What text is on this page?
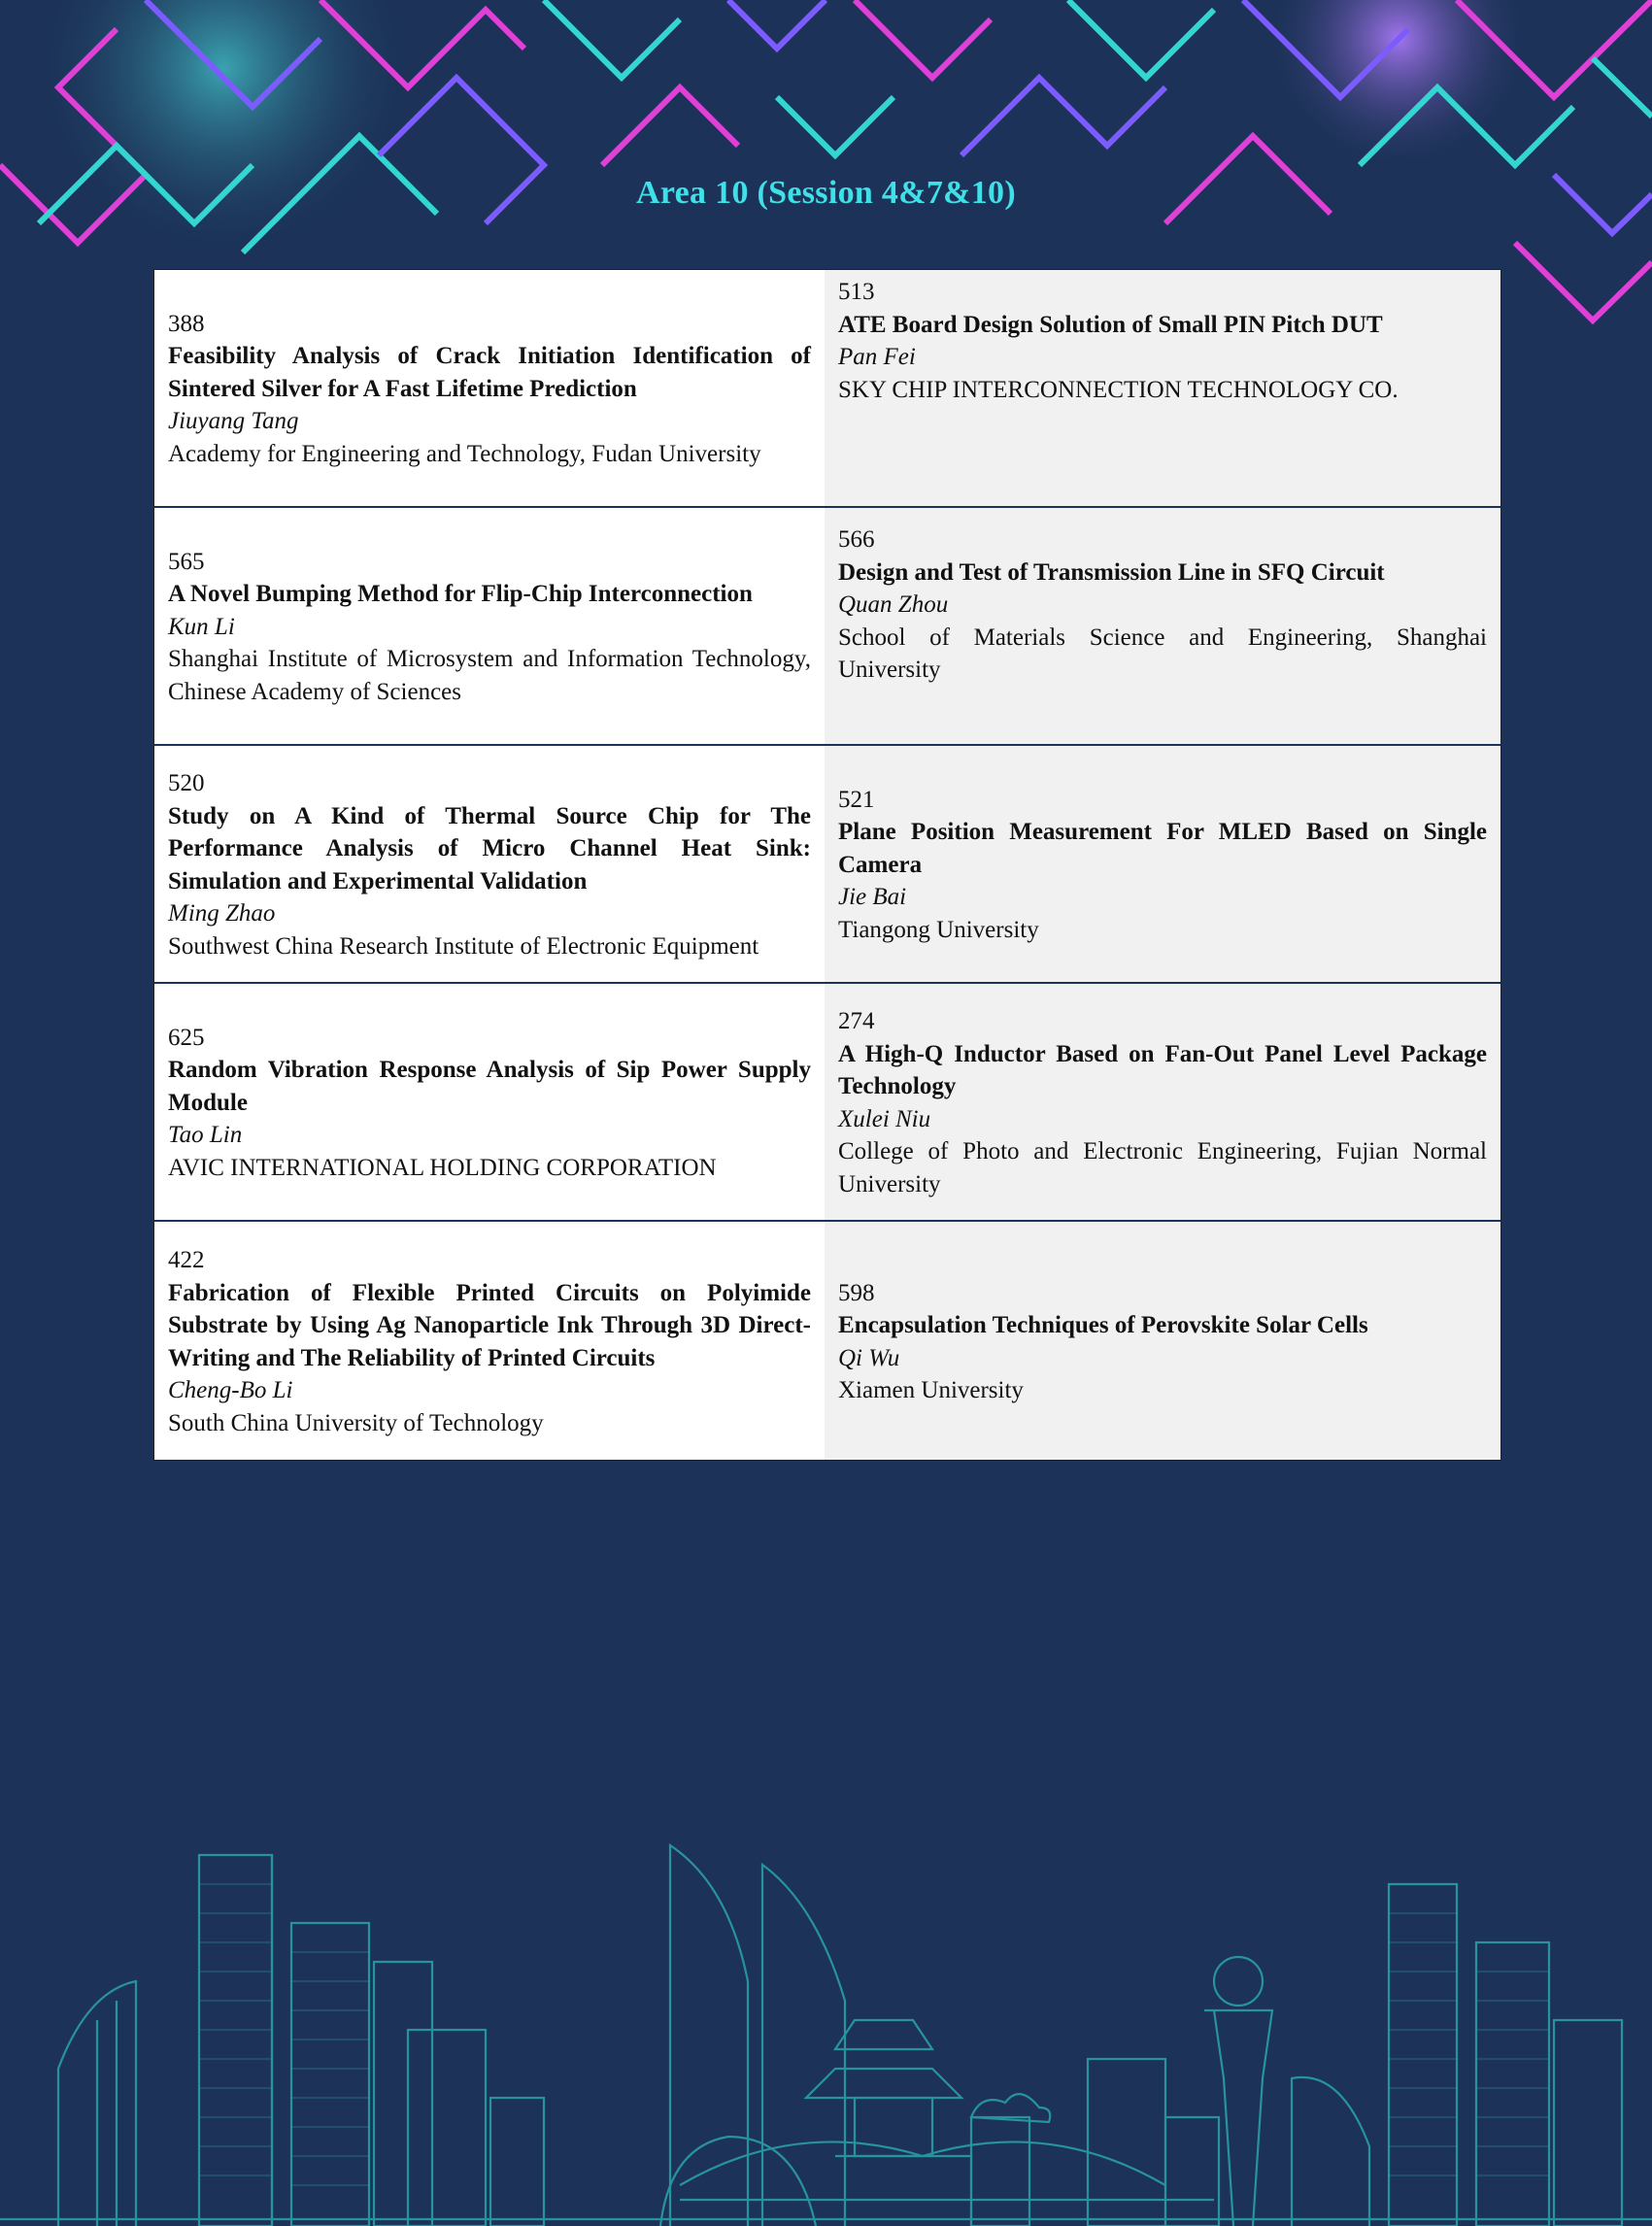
Area 10 (Session 4&7&10)
388
Feasibility Analysis of Crack Initiation Identification of Sintered Silver for A Fast Lifetime Prediction
Jiuyang Tang
Academy for Engineering and Technology, Fudan University
513
ATE Board Design Solution of Small PIN Pitch DUT
Pan Fei
SKY CHIP INTERCONNECTION TECHNOLOGY CO.
565
A Novel Bumping Method for Flip-Chip Interconnection
Kun Li
Shanghai Institute of Microsystem and Information Technology, Chinese Academy of Sciences
566
Design and Test of Transmission Line in SFQ Circuit
Quan Zhou
School of Materials Science and Engineering, Shanghai University
520
Study on A Kind of Thermal Source Chip for The Performance Analysis of Micro Channel Heat Sink: Simulation and Experimental Validation
Ming Zhao
Southwest China Research Institute of Electronic Equipment
521
Plane Position Measurement For MLED Based on Single Camera
Jie Bai
Tiangong University
625
Random Vibration Response Analysis of Sip Power Supply Module
Tao Lin
AVIC INTERNATIONAL HOLDING CORPORATION
274
A High-Q Inductor Based on Fan-Out Panel Level Package Technology
Xulei Niu
College of Photo and Electronic Engineering, Fujian Normal University
422
Fabrication of Flexible Printed Circuits on Polyimide Substrate by Using Ag Nanoparticle Ink Through 3D Direct-Writing and The Reliability of Printed Circuits
Cheng-Bo Li
South China University of Technology
598
Encapsulation Techniques of Perovskite Solar Cells
Qi Wu
Xiamen University
